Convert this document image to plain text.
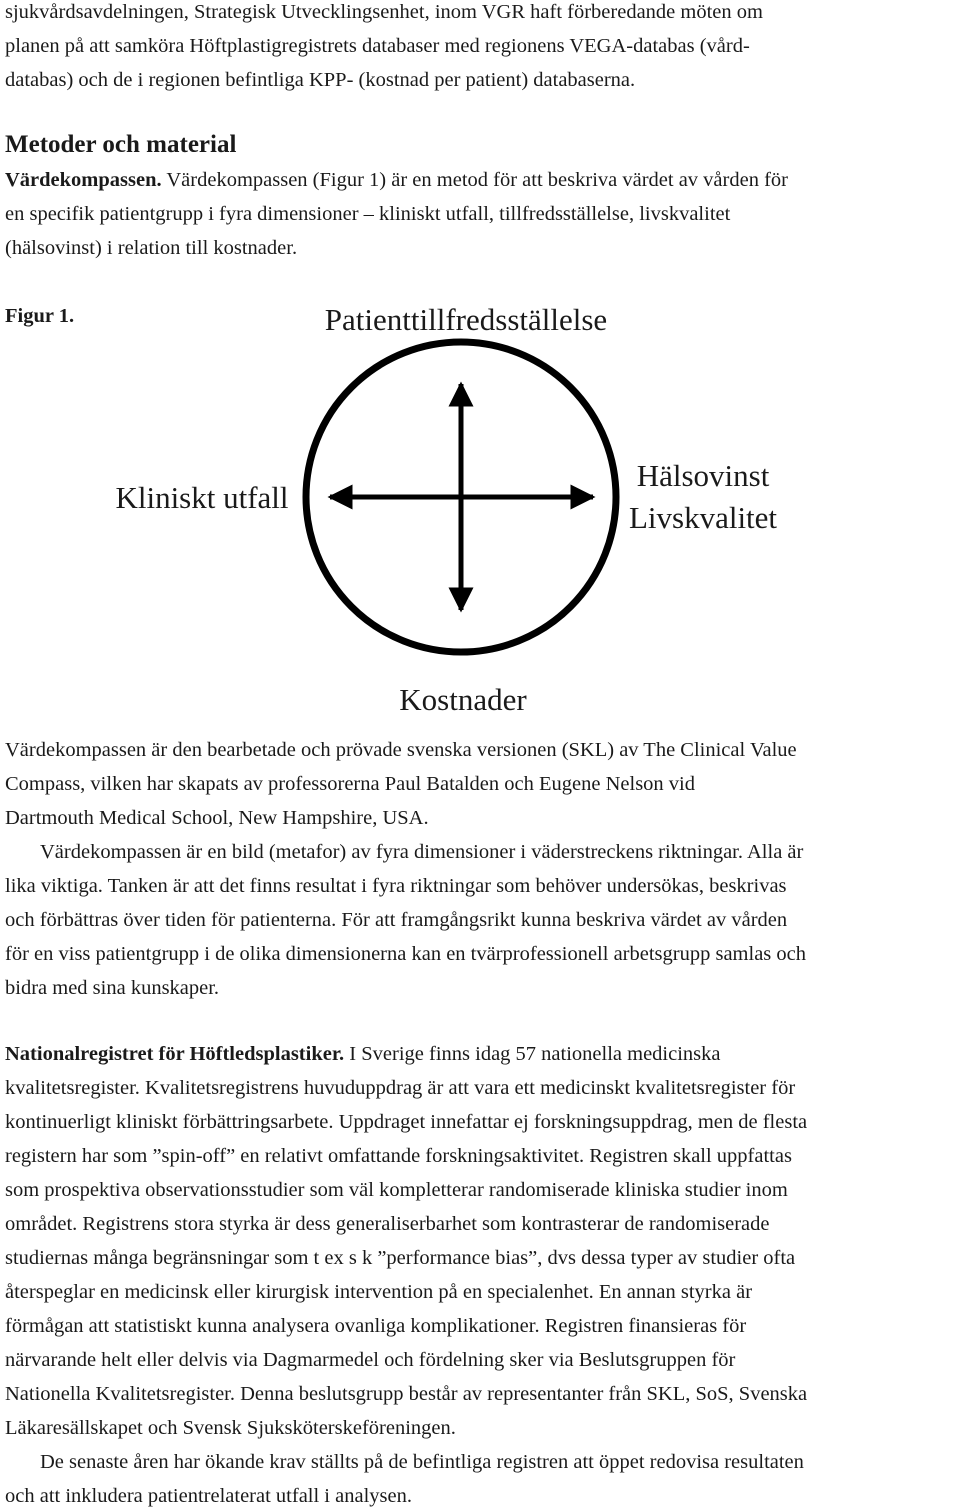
sjukvårdsavdelningen, Strategisk Utvecklingsenhet, inom VGR haft förberedande möten om

planen på att samköra Höftplastigregistrets databaser med regionens VEGA-databas (vård-

databas) och de i regionen befintliga KPP- (kostnad per patient) databaserna.

Metoder och material

Värdekompassen. Värdekompassen (Figur 1) är en metod för att beskriva värdet av vården för

en specifik patientgrupp i fyra dimensioner – kliniskt utfall, tillfredsställelse, livskvalitet

(hälsovinst) i relation till kostnader.

Figur 1.	Patienttillfredsställelse
Kliniskt utfall
Hälsovinst
Livskvalitet
Kostnader

Värdekompassen är den bearbetade och prövade svenska versionen (SKL) av The Clinical Value

Compass, vilken har skapats av professorerna Paul Batalden och Eugene Nelson vid

Dartmouth Medical School, New Hampshire, USA.

Värdekompassen är en bild (metafor) av fyra dimensioner i väderstreckens riktningar. Alla är

lika viktiga. Tanken är att det finns resultat i fyra riktningar som behöver undersökas, beskrivas

och förbättras över tiden för patienterna. För att framgångsrikt kunna beskriva värdet av vården

för en viss patientgrupp i de olika dimensionerna kan en tvärprofessionell arbetsgrupp samlas och

bidra med sina kunskaper.

Nationalregistret för Höftledsplastiker. I Sverige finns idag 57 nationella medicinska

kvalitetsregister. Kvalitetsregistrens huvuduppdrag är att vara ett medicinskt kvalitetsregister för

kontinuerligt kliniskt förbättringsarbete. Uppdraget innefattar ej forskningsuppdrag, men de flesta

registern har som ”spin-off” en relativt omfattande forskningsaktivitet. Registren skall uppfattas

som prospektiva observationsstudier som väl kompletterar randomiserade kliniska studier inom

området. Registrens stora styrka är dess generaliserbarhet som kontrasterar de randomiserade

studiernas många begränsningar som t ex s k ”performance bias”, dvs dessa typer av studier ofta

återspeglar en medicinsk eller kirurgisk intervention på en specialenhet. En annan styrka är

förmågan att statistiskt kunna analysera ovanliga komplikationer. Registren finansieras för

närvarande helt eller delvis via Dagmarmedel och fördelning sker via Beslutsgruppen för

Nationella Kvalitetsregister. Denna beslutsgrupp består av representanter från SKL, SoS, Svenska

Läkaresällskapet och Svensk Sjuksköterskeföreningen.

De senaste åren har ökande krav ställts på de befintliga registren att öppet redovisa resultaten

och att inkludera patientrelaterat utfall i analysen.
